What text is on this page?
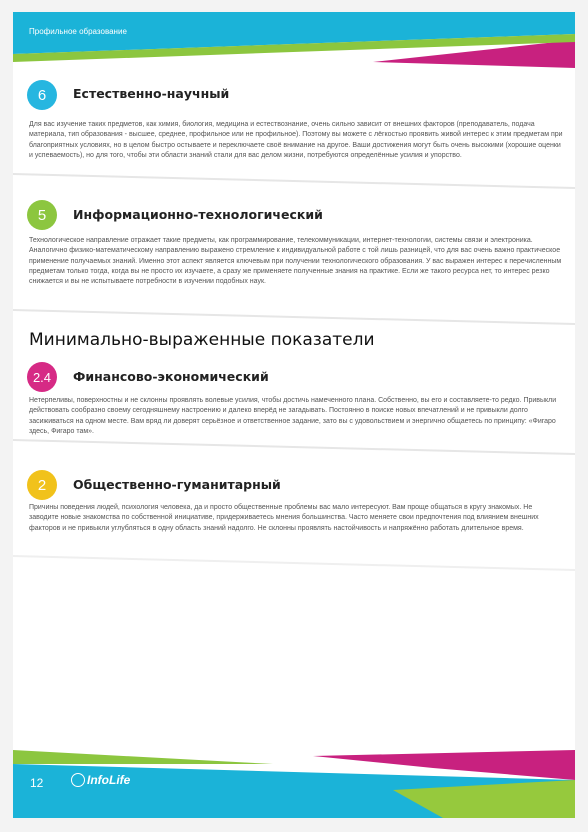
Профильное образование
6	Естественно-научный
Для вас изучение таких предметов, как химия, биология, медицина и естествознание, очень сильно зависит от внешних факторов (преподаватель, подача материала, тип образования - высшее, среднее, профильное или не профильное). Поэтому вы можете с лёгкостью проявить живой интерес к этим предметам при благоприятных условиях, но в целом быстро остываете и переключаете своё внимание на другое. Ваши достижения могут быть очень высокими (хорошие оценки и успеваемость), но для того, чтобы эти области знаний стали для вас делом жизни, потребуются определённые усилия и упорство.
5	Информационно-технологический
Технологическое направление отражает такие предметы, как программирование, телекоммуникации, интернет-технологии, системы связи и электроника. Аналогично физико-математическому направлению выражено стремление к индивидуальной работе с той лишь разницей, что для вас очень важно практическое применение получаемых знаний. Именно этот аспект является ключевым при получении технологического образования. У вас выражен интерес к перечисленным предметам только тогда, когда вы не просто их изучаете, а сразу же применяете полученные знания на практике. Если же такого ресурса нет, то интерес резко снижается и вы не испытываете потребности в изучении подобных наук.
Минимально-выраженные показатели
2.4	Финансово-экономический
Нетерпеливы, поверхностны и не склонны проявлять волевые усилия, чтобы достичь намеченного плана. Собственно, вы его и составляете-то редко. Привыкли действовать сообразно своему сегодняшнему настроению и далеко вперёд не загадывать. Постоянно в поиске новых впечатлений и не привыкли долго засиживаться на одном месте. Вам вряд ли доверят серьёзное и ответственное задание, зато вы с удовольствием и энергично общаетесь по принципу: «Фигаро здесь, Фигаро там».
2	Общественно-гуманитарный
Причины поведения людей, психология человека, да и просто общественные проблемы вас мало интересуют. Вам проще общаться в кругу знакомых. Не заводите новые знакомства по собственной инициативе, придерживаетесь мнения большинства. Часто меняете свои предпочтения под влиянием внешних факторов и не привыкли углубляться в одну область знаний надолго. Не склонны проявлять настойчивость и напряжённо работать длительное время.
12	InfoLife
